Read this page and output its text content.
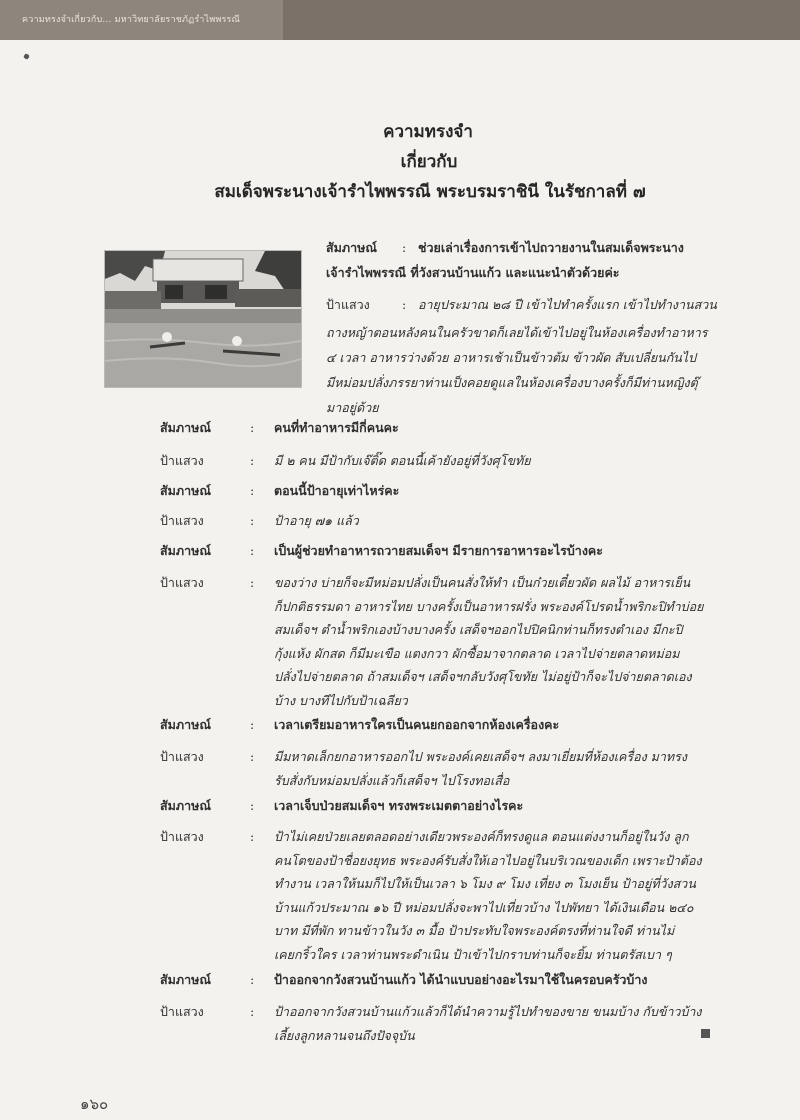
ความทรงจำเกี่ยวกับ... มหาวิทยาลัยราชภัฏรำไพพรรณี
ความทรงจำ
เกี่ยวกับ
สมเด็จพระนางเจ้ารำไพพรรณี พระบรมราชินี ในรัชกาลที่ ๗
สัมภาษณ์ : ช่วยเล่าเรื่องการเข้าไปถวายงานในสมเด็จพระนาง
เจ้ารำไพพรรณี ที่วังสวนบ้านแก้ว และแนะนำตัวด้วยค่ะ
ป้าแสวง	: อายุประมาณ ๒๘ ปี เข้าไปทำครั้งแรก เข้าไปทำงานสวน
ถางหญ้าตอนหลังคนในครัวขาดก็เลยได้เข้าไปอยู่ในห้องเครื่องทำอาหาร
๔ เวลา อาหารว่างด้วย อาหารเช้าเป็นข้าวต้ม ข้าวผัด สับเปลี่ยนกันไป
มีหม่อมปลั่งภรรยาท่านเป็งคอยดูแลในห้องเครื่องบางครั้งก็มีท่านหญิงตุ๊
มาอยู่ด้วย
สัมภาษณ์	: คนที่ทำอาหารมีกี่คนคะ
ป้าแสวง	: มี ๒ คน มีป้ากับเจ๊ติ๊ด ตอนนี้เค้ายังอยู่ที่วังศุโขทัย
สัมภาษณ์	: ตอนนี้ป้าอายุเท่าไหร่คะ
ป้าแสวง	: ป้าอายุ ๗๑ แล้ว
สัมภาษณ์	: เป็นผู้ช่วยทำอาหารถวายสมเด็จฯ มีรายการอาหารอะไรบ้างคะ
ป้าแสวง	: ของว่าง บ่ายก็จะมีหม่อมปลั่งเป็นคนสั่งให้ทำ เป็นก๋วยเตี๋ยวผัด ผลไม้ อาหารเย็น
ก็ปกติธรรมดา อาหารไทย บางครั้งเป็นอาหารฝรั่ง พระองค์โปรดน้ำพริกะปิทำบ่อย
สมเด็จฯ ตำน้ำพริกเองบ้างบางครั้ง เสด็จฯออกไปปิคนิกท่านก็ทรงตำเอง มีกะปิ
กุ้งแห้ง ผักสด ก็มีมะเขือ แตงกวา ผักซื้อมาจากตลาด เวลาไปจ่ายตลาดหม่อม
ปลั่งไปจ่ายตลาด ถ้าสมเด็จฯ เสด็จฯกลับวังศุโขทัย ไม่อยู่ป้าก็จะไปจ่ายตลาดเอง
บ้าง บางทีไปกับป้าเฉลียว
สัมภาษณ์	: เวลาเตรียมอาหารใครเป็นคนยกออกจากห้องเครื่องคะ
ป้าแสวง	: มีมหาดเล็กยกอาหารออกไป พระองค์เคยเสด็จฯ ลงมาเยี่ยมที่ห้องเครื่อง มาทรง
รับสั่งกับหม่อมปลั่งแล้วก็เสด็จฯ ไปโรงทอเสื่อ
สัมภาษณ์	: เวลาเจ็บป่วยสมเด็จฯ ทรงพระเมตตาอย่างไรคะ
ป้าแสวง	: ป้าไม่เคยป่วยเลยตลอดอย่างเดียวพระองค์ก็ทรงดูแล ตอนแต่งงานก็อยู่ในวัง ลูก
คนโตของป้าชื่อยงยุทธ พระองค์รับสั่งให้เอาไปอยู่ในบริเวณของเด็ก เพราะป้าต้อง
ทำงาน เวลาให้นมก็ไปให้เป็นเวลา ๖ โมง ๙ โมง เที่ยง ๓ โมงเย็น ป้าอยู่ที่วังสวน
บ้านแก้วประมาณ ๑๖ ปี หม่อมปลั่งจะพาไปเที่ยวบ้าง ไปพัทยา ได้เงินเดือน ๒๔๐
บาท มีที่พัก ทานข้าวในวัง ๓ มื้อ ป้าประทับใจพระองค์ตรงที่ท่านใจดี ท่านไม่
เคยกริ้วใคร เวลาท่านพระดำเนิน ป้าเข้าไปกราบท่านก็จะยิ้ม ท่านตรัสเบา ๆ
สัมภาษณ์	: ป้าออกจากวังสวนบ้านแก้ว ได้นำแบบอย่างอะไรมาใช้ในครอบครัวบ้าง
ป้าแสวง	: ป้าออกจากวังสวนบ้านแก้วแล้วก็ได้นำความรู้ไปทำของขาย ขนมบ้าง กับข้าวบ้าง
เลี้ยงลูกหลานจนถึงปัจจุบัน
๑๖๐
